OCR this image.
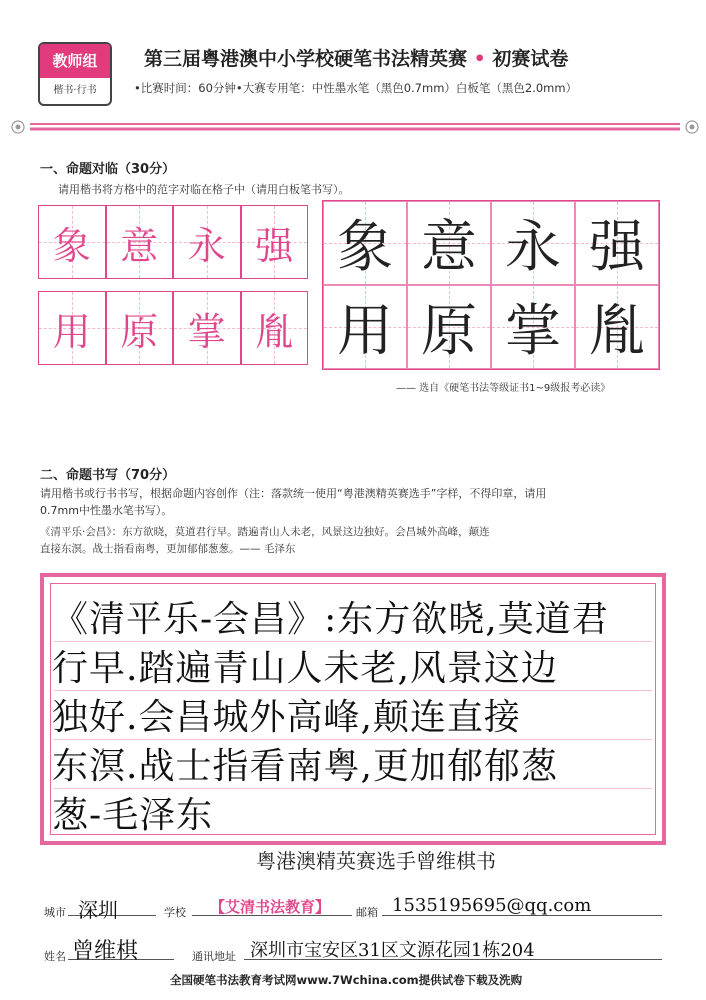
教师组
楷书·行书
第三届粤港澳中小学校硬笔书法精英赛 • 初赛试卷
•比赛时间：60分钟•大赛专用笔：中性墨水笔（黑色0.7mm）白板笔（黑色2.0mm）
一、命题对临（30分）
请用楷书将方格中的范字对临在格子中（请用白板笔书写）。
象 意 永 强
用 原 掌 胤
象 意 永 强
用 原 掌 胤
—— 选自《硬笔书法等级证书1~9级报考必读》
二、命题书写（70分）
请用楷书或行书书写，根据命题内容创作（注：落款统一使用“粤港澳精英赛选手”字样，不得印章，请用
0.7mm中性墨水笔书写）。
《清平乐·会昌》：东方欲晓，莫道君行早。踏遍青山人未老，风景这边独好。会昌城外高峰，颠连
直接东溟。战士指看南粤，更加郁郁葱葱。—— 毛泽东
《清平乐-会昌》:东方欲晓,莫道君
行早.踏遍青山人未老,风景这边
独好.会昌城外高峰,颠连直接
东溟.战士指看南粤,更加郁郁葱
葱-毛泽东
粤港澳精英赛选手曾维棋书
城市 深圳	学校 【艾清书法教育】 邮箱 1535195695@qq.com
姓名 曾维棋	通讯地址 深圳市宝安区31区文源花园1栋204
全国硬笔书法教育考试网www.7Wchina.com提供试卷下载及洗购
